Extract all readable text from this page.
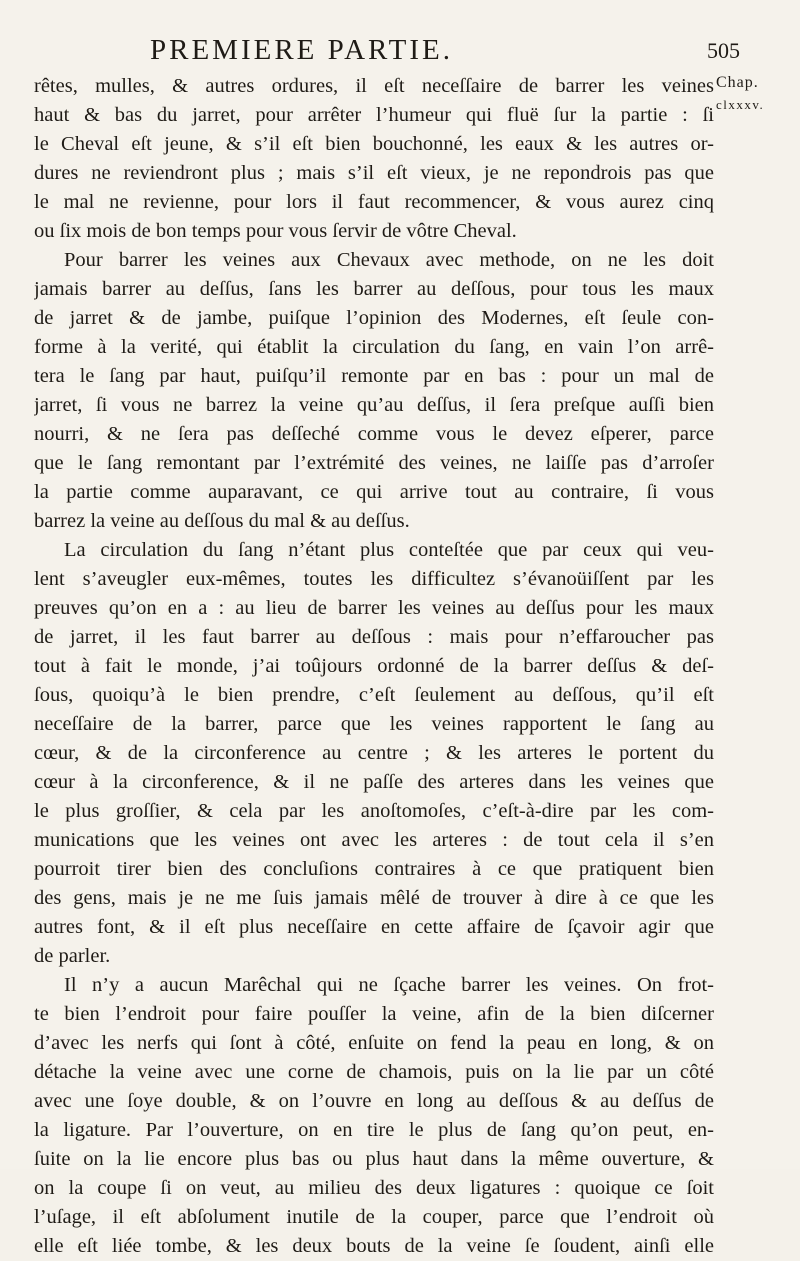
PREMIERE PARTIE.	505
Chap.
clxxxv.
rêtes, mulles, & autres ordures, il eſt neceſſaire de barrer les veines
haut & bas du jarret, pour arrêter l’humeur qui fluë ſur la partie : ſi
le Cheval eſt jeune, & s’il eſt bien bouchonné, les eaux & les autres or-
dures ne reviendront plus ; mais s’il eſt vieux, je ne repondrois pas que
le mal ne revienne, pour lors il faut recommencer, & vous aurez cinq
ou ſix mois de bon temps pour vous ſervir de vôtre Cheval.
Pour barrer les veines aux Chevaux avec methode, on ne les doit
jamais barrer au deſſus, ſans les barrer au deſſous, pour tous les maux
de jarret & de jambe, puiſque l’opinion des Modernes, eſt ſeule con-
forme à la verité, qui établit la circulation du ſang, en vain l’on arrê-
tera le ſang par haut, puiſqu’il remonte par en bas : pour un mal de
jarret, ſi vous ne barrez la veine qu’au deſſus, il ſera preſque auſſi bien
nourri, & ne ſera pas deſſeché comme vous le devez eſperer, parce
que le ſang remontant par l’extrémité des veines, ne laiſſe pas d’arroſer
la partie comme auparavant, ce qui arrive tout au contraire, ſi vous
barrez la veine au deſſous du mal & au deſſus.
La circulation du ſang n’étant plus conteſtée que par ceux qui veu-
lent s’aveugler eux-mêmes, toutes les difficultez s’évanoüiſſent par les
preuves qu’on en a : au lieu de barrer les veines au deſſus pour les maux
de jarret, il les faut barrer au deſſous : mais pour n’effaroucher pas
tout à fait le monde, j’ai toûjours ordonné de la barrer deſſus & deſ-
ſous, quoiqu’à le bien prendre, c’eſt ſeulement au deſſous, qu’il eſt
neceſſaire de la barrer, parce que les veines rapportent le ſang au
cœur, & de la circonference au centre ; & les arteres le portent du
cœur à la circonference, & il ne paſſe des arteres dans les veines que
le plus groſſier, & cela par les anoſtomoſes, c’eſt-à-dire par les com-
munications que les veines ont avec les arteres : de tout cela il s’en
pourroit tirer bien des concluſions contraires à ce que pratiquent bien
des gens, mais je ne me ſuis jamais mêlé de trouver à dire à ce que les
autres font, & il eſt plus neceſſaire en cette affaire de ſçavoir agir que
de parler.
Il n’y a aucun Marêchal qui ne ſçache barrer les veines. On frot-
te bien l’endroit pour faire pouſſer la veine, afin de la bien diſcerner
d’avec les nerfs qui ſont à côté, enſuite on fend la peau en long, & on
détache la veine avec une corne de chamois, puis on la lie par un côté
avec une ſoye double, & on l’ouvre en long au deſſous & au deſſus de
la ligature. Par l’ouverture, on en tire le plus de ſang qu’on peut, en-
ſuite on la lie encore plus bas ou plus haut dans la même ouverture, &
on la coupe ſi on veut, au milieu des deux ligatures : quoique ce ſoit
l’uſage, il eſt abſolument inutile de la couper, parce que l’endroit où
elle eſt liée tombe, & les deux bouts de la veine ſe ſoudent, ainſi elle
